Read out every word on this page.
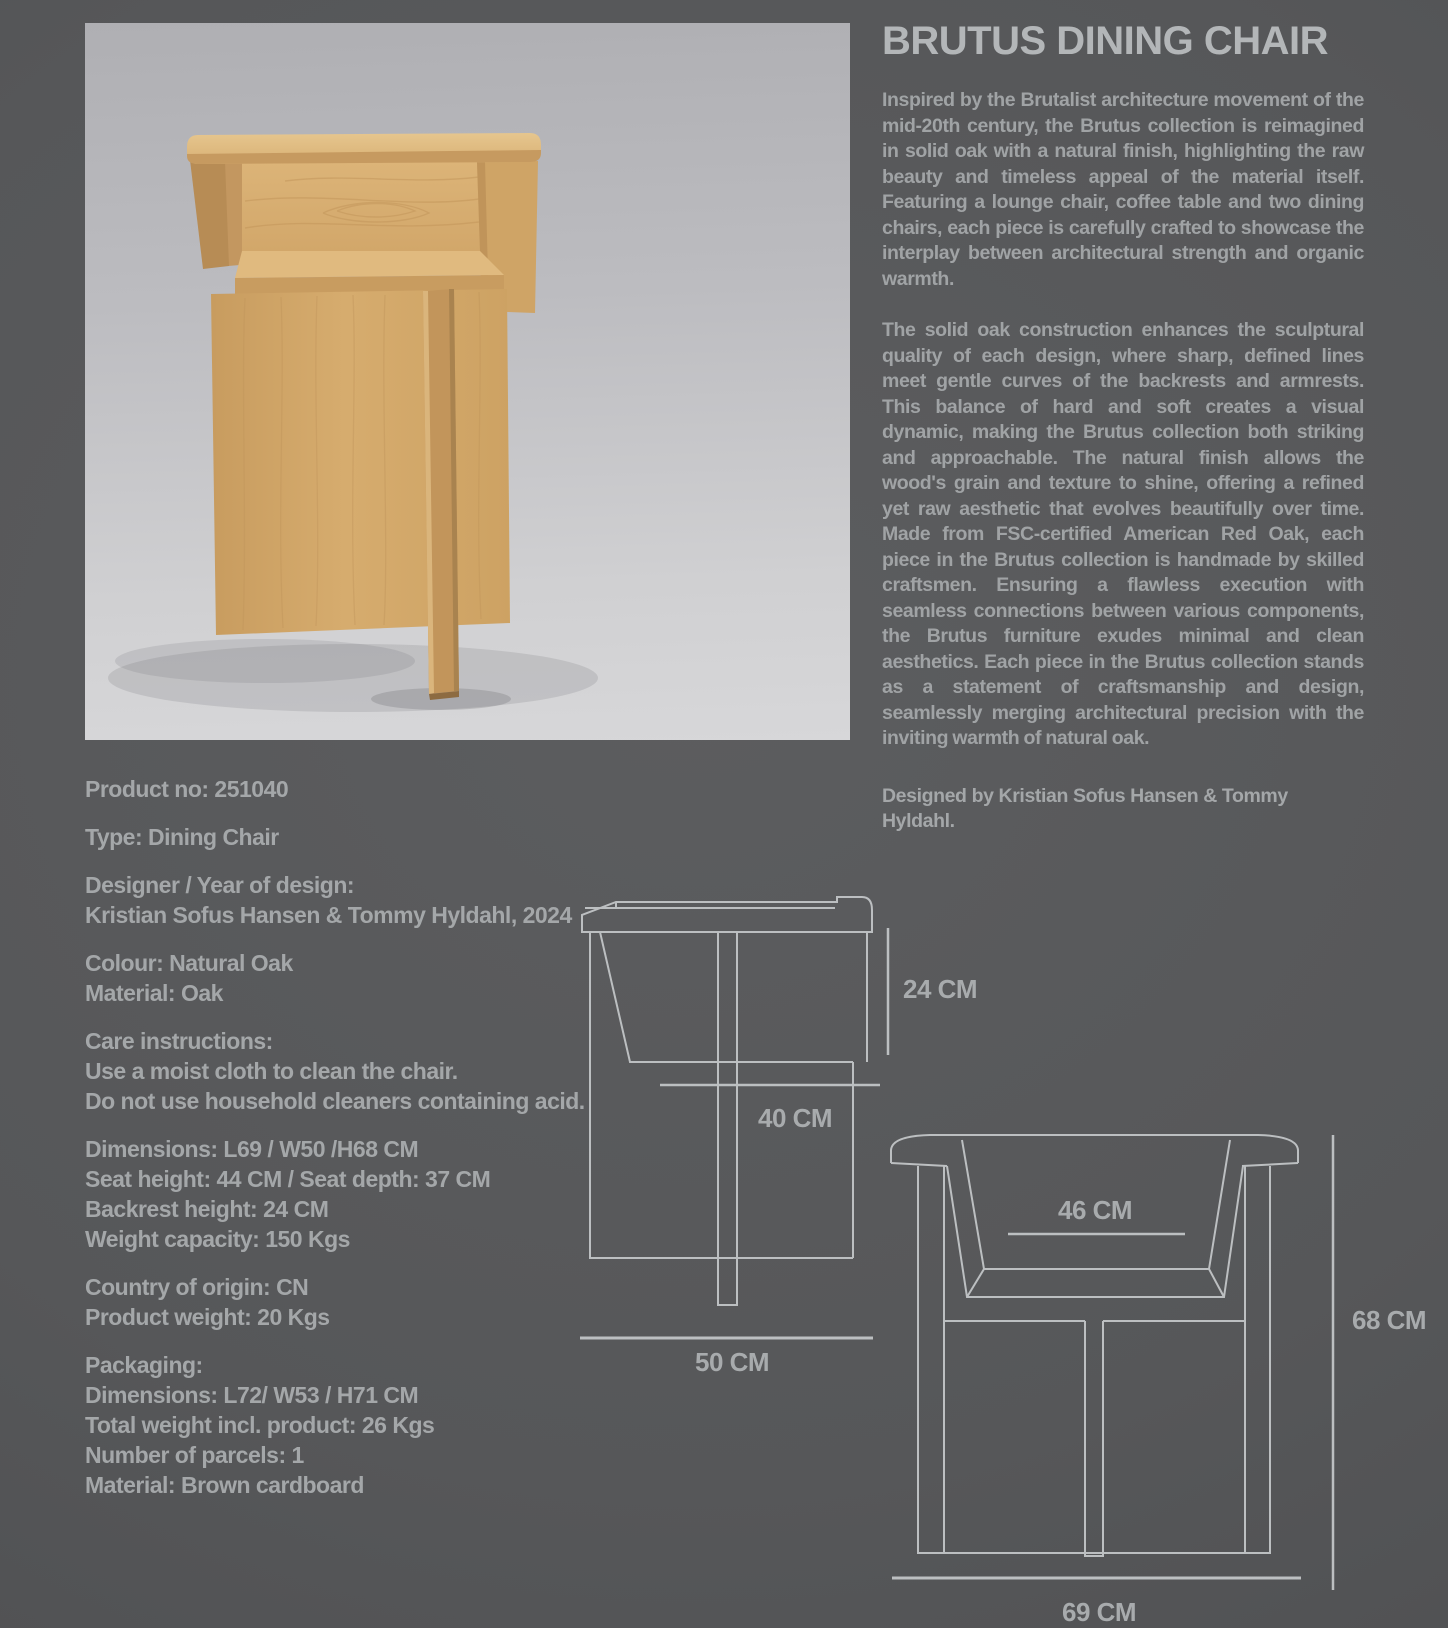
BRUTUS DINING CHAIR

Inspired by the Brutalist architecture movement of the mid-20th century, the Brutus collection is reimagined in solid oak with a natural finish, highlighting the raw beauty and timeless appeal of the material itself. Featuring a lounge chair, coffee table and two dining chairs, each piece is carefully crafted to showcase the interplay between architectural strength and organic warmth.

The solid oak construction enhances the sculptural quality of each design, where sharp, defined lines meet gentle curves of the backrests and armrests. This balance of hard and soft creates a visual dynamic, making the Brutus collection both striking and approachable. The natural finish allows the wood's grain and texture to shine, offering a refined yet raw aesthetic that evolves beautifully over time. Made from FSC-certified American Red Oak, each piece in the Brutus collection is handmade by skilled craftsmen. Ensuring a flawless execution with seamless connections between various components, the Brutus furniture exudes minimal and clean aesthetics. Each piece in the Brutus collection stands as a statement of craftsmanship and design, seamlessly merging architectural precision with the inviting warmth of natural oak.

Designed by Kristian Sofus Hansen & Tommy Hyldahl.
Product no: 251040
Type: Dining Chair
Designer / Year of design:
Kristian Sofus Hansen & Tommy Hyldahl, 2024
Colour: Natural Oak
Material: Oak
Care instructions:
Use a moist cloth to clean the chair.
Do not use household cleaners containing acid.
Dimensions: L69 / W50 /H68 CM
Seat height: 44 CM / Seat depth: 37 CM
Backrest height: 24 CM
Weight capacity: 150 Kgs
Country of origin: CN
Product weight: 20 Kgs
Packaging:
Dimensions: L72/ W53 / H71 CM
Total weight incl. product: 26 Kgs
Number of parcels: 1
Material: Brown cardboard
24 CM
40 CM
50 CM
46 CM
68 CM
69 CM
